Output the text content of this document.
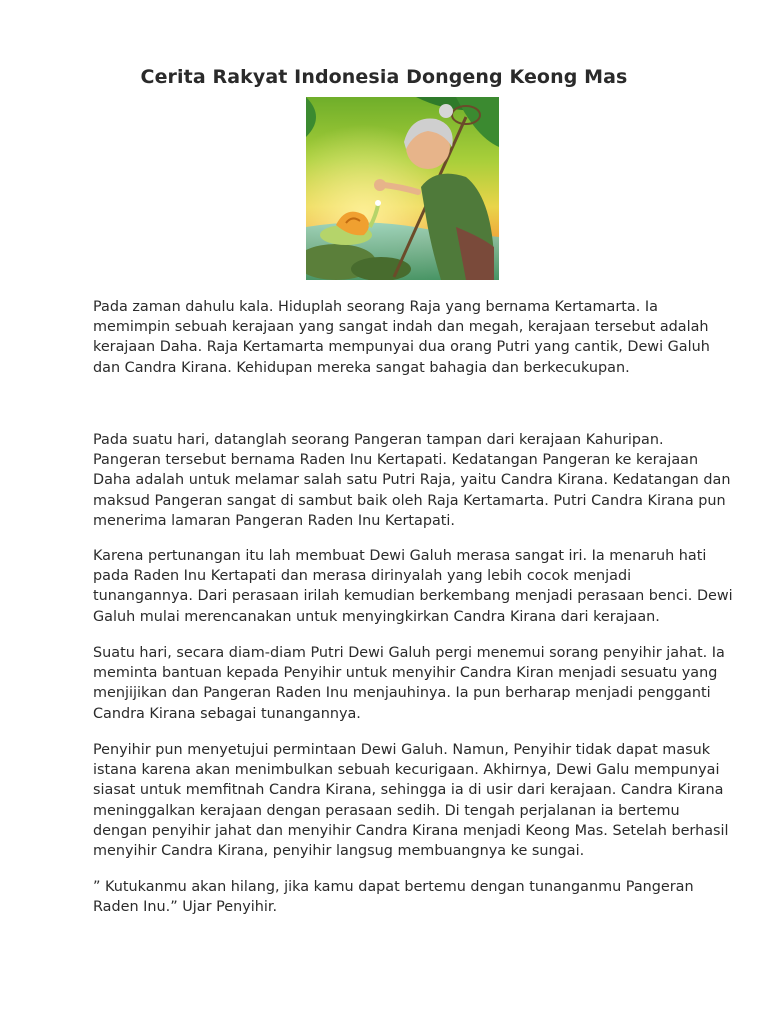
Cerita Rakyat Indonesia Dongeng Keong Mas

Pada zaman dahulu kala. Hiduplah seorang Raja yang bernama Kertamarta. Ia memimpin sebuah kerajaan yang sangat indah dan megah, kerajaan tersebut adalah kerajaan Daha. Raja Kertamarta mempunyai dua orang Putri yang cantik, Dewi Galuh dan Candra Kirana. Kehidupan mereka sangat bahagia dan berkecukupan.

Pada suatu hari, datanglah seorang Pangeran tampan dari kerajaan Kahuripan. Pangeran tersebut bernama Raden Inu Kertapati. Kedatangan Pangeran ke kerajaan Daha adalah untuk melamar salah satu Putri Raja, yaitu Candra Kirana. Kedatangan dan maksud Pangeran sangat di sambut baik oleh Raja Kertamarta. Putri Candra Kirana pun menerima lamaran Pangeran Raden Inu Kertapati.

Karena pertunangan itu lah membuat Dewi Galuh merasa sangat iri. Ia menaruh hati pada Raden Inu Kertapati dan merasa dirinyalah yang lebih cocok menjadi tunangannya. Dari perasaan irilah kemudian berkembang menjadi perasaan benci. Dewi Galuh mulai merencanakan untuk menyingkirkan Candra Kirana dari kerajaan.

Suatu hari, secara diam-diam Putri Dewi Galuh pergi menemui sorang penyihir jahat. Ia meminta bantuan kepada Penyihir untuk menyihir Candra Kiran menjadi sesuatu yang menjijikan dan Pangeran Raden Inu menjauhinya. Ia pun berharap menjadi pengganti Candra Kirana sebagai tunangannya.

Penyihir pun menyetujui permintaan Dewi Galuh. Namun, Penyihir tidak dapat masuk istana karena akan menimbulkan sebuah kecurigaan. Akhirnya, Dewi Galu mempunyai siasat untuk memfitnah Candra Kirana, sehingga ia di usir dari kerajaan. Candra Kirana meninggalkan kerajaan dengan perasaan sedih. Di tengah perjalanan ia bertemu dengan penyihir jahat dan menyihir Candra Kirana menjadi Keong Mas. Setelah berhasil menyihir Candra Kirana, penyihir langsug membuangnya ke sungai.

” Kutukanmu akan hilang, jika kamu dapat bertemu dengan tunanganmu Pangeran Raden Inu.” Ujar Penyihir.
